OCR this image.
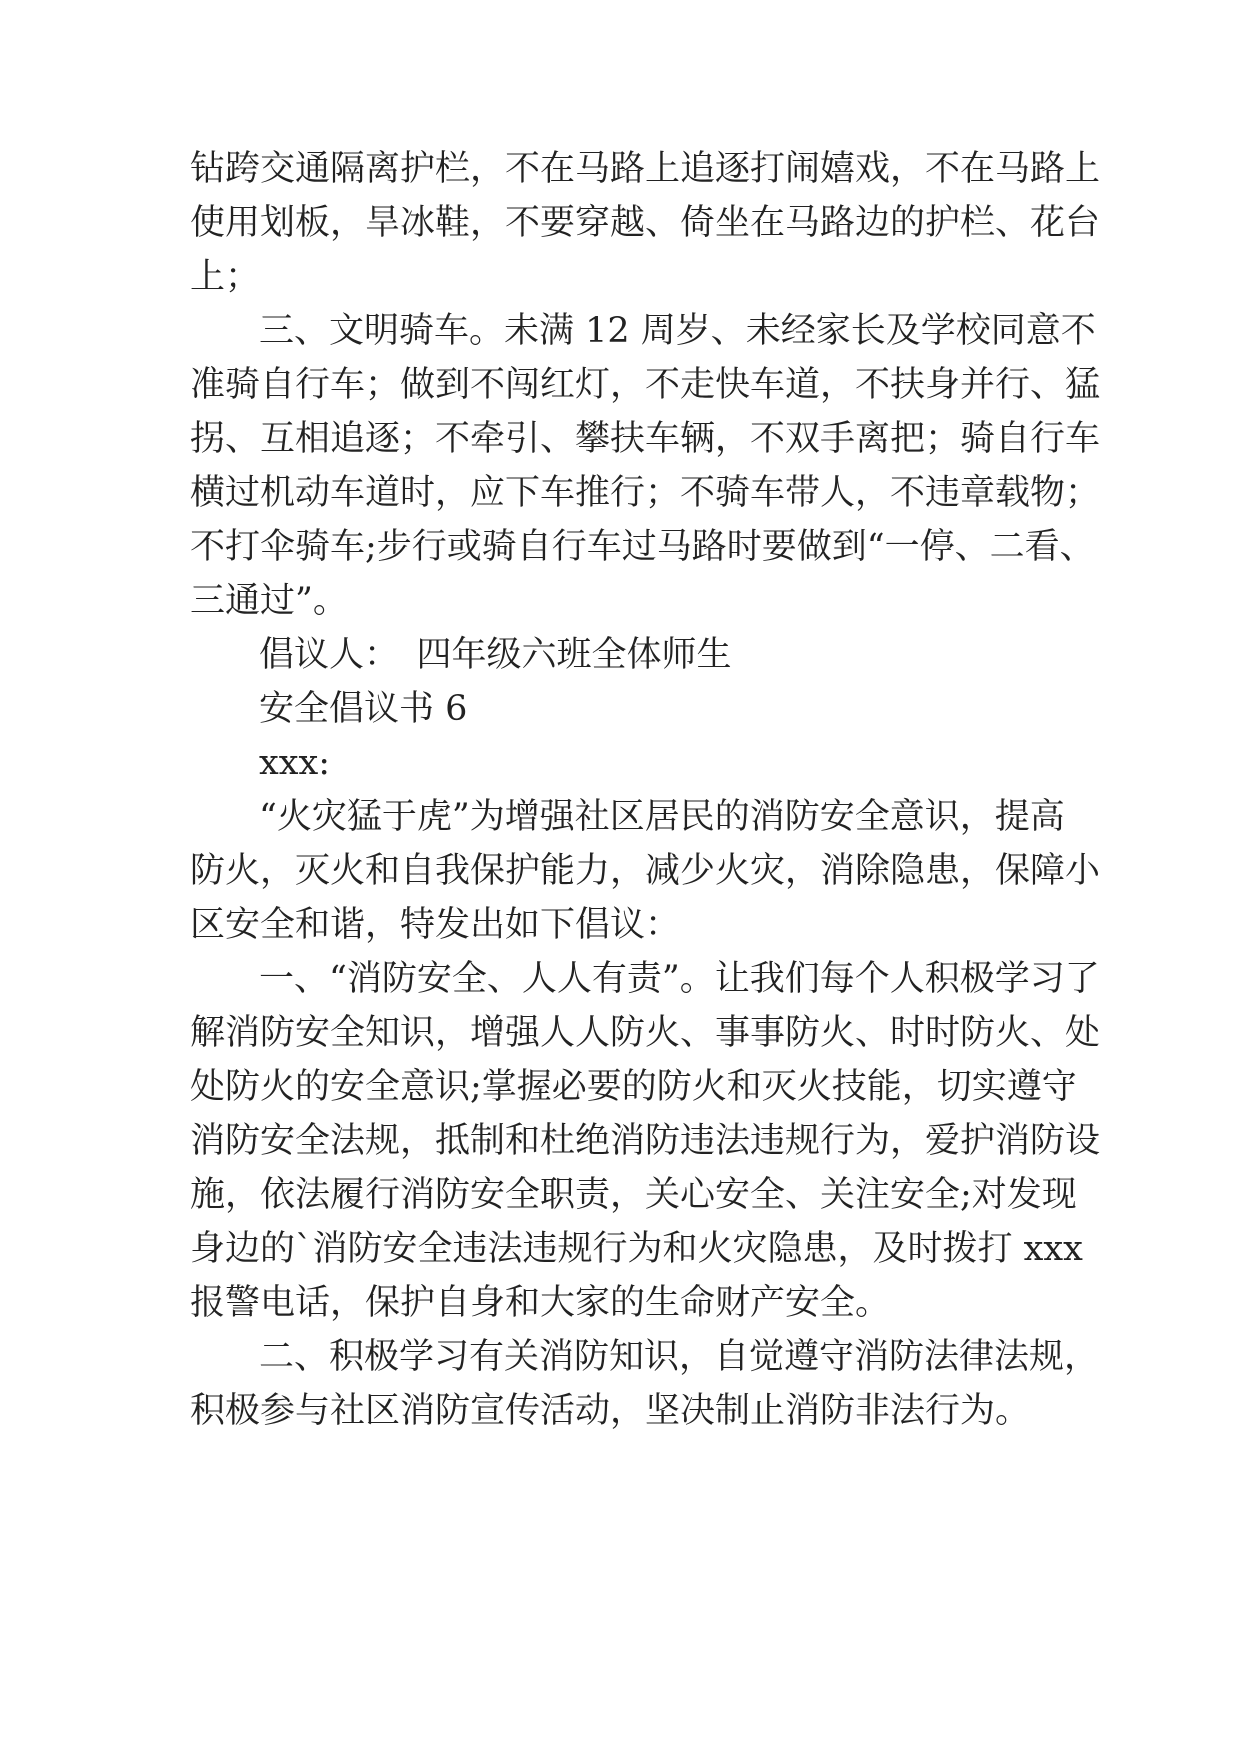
钻跨交通隔离护栏，不在马路上追逐打闹嬉戏，不在马路上
使用划板，旱冰鞋，不要穿越、倚坐在马路边的护栏、花台
上；
三、文明骑车。未满 12 周岁、未经家长及学校同意不
准骑自行车；做到不闯红灯，不走快车道，不扶身并行、猛
拐、互相追逐；不牵引、攀扶车辆，不双手离把；骑自行车
横过机动车道时，应下车推行；不骑车带人，不违章载物；
不打伞骑车;步行或骑自行车过马路时要做到“一停、二看、
三通过”。
倡议人：　四年级六班全体师生
安全倡议书 6
xxx:
“火灾猛于虎”为增强社区居民的消防安全意识，提高
防火，灭火和自我保护能力，减少火灾，消除隐患，保障小
区安全和谐，特发出如下倡议：
一、“消防安全、人人有责”。让我们每个人积极学习了
解消防安全知识，增强人人防火、事事防火、时时防火、处
处防火的安全意识;掌握必要的防火和灭火技能，切实遵守
消防安全法规，抵制和杜绝消防违法违规行为，爱护消防设
施，依法履行消防安全职责，关心安全、关注安全;对发现
身边的`消防安全违法违规行为和火灾隐患，及时拨打 xxx
报警电话，保护自身和大家的生命财产安全。
二、积极学习有关消防知识，自觉遵守消防法律法规，
积极参与社区消防宣传活动，坚决制止消防非法行为。
